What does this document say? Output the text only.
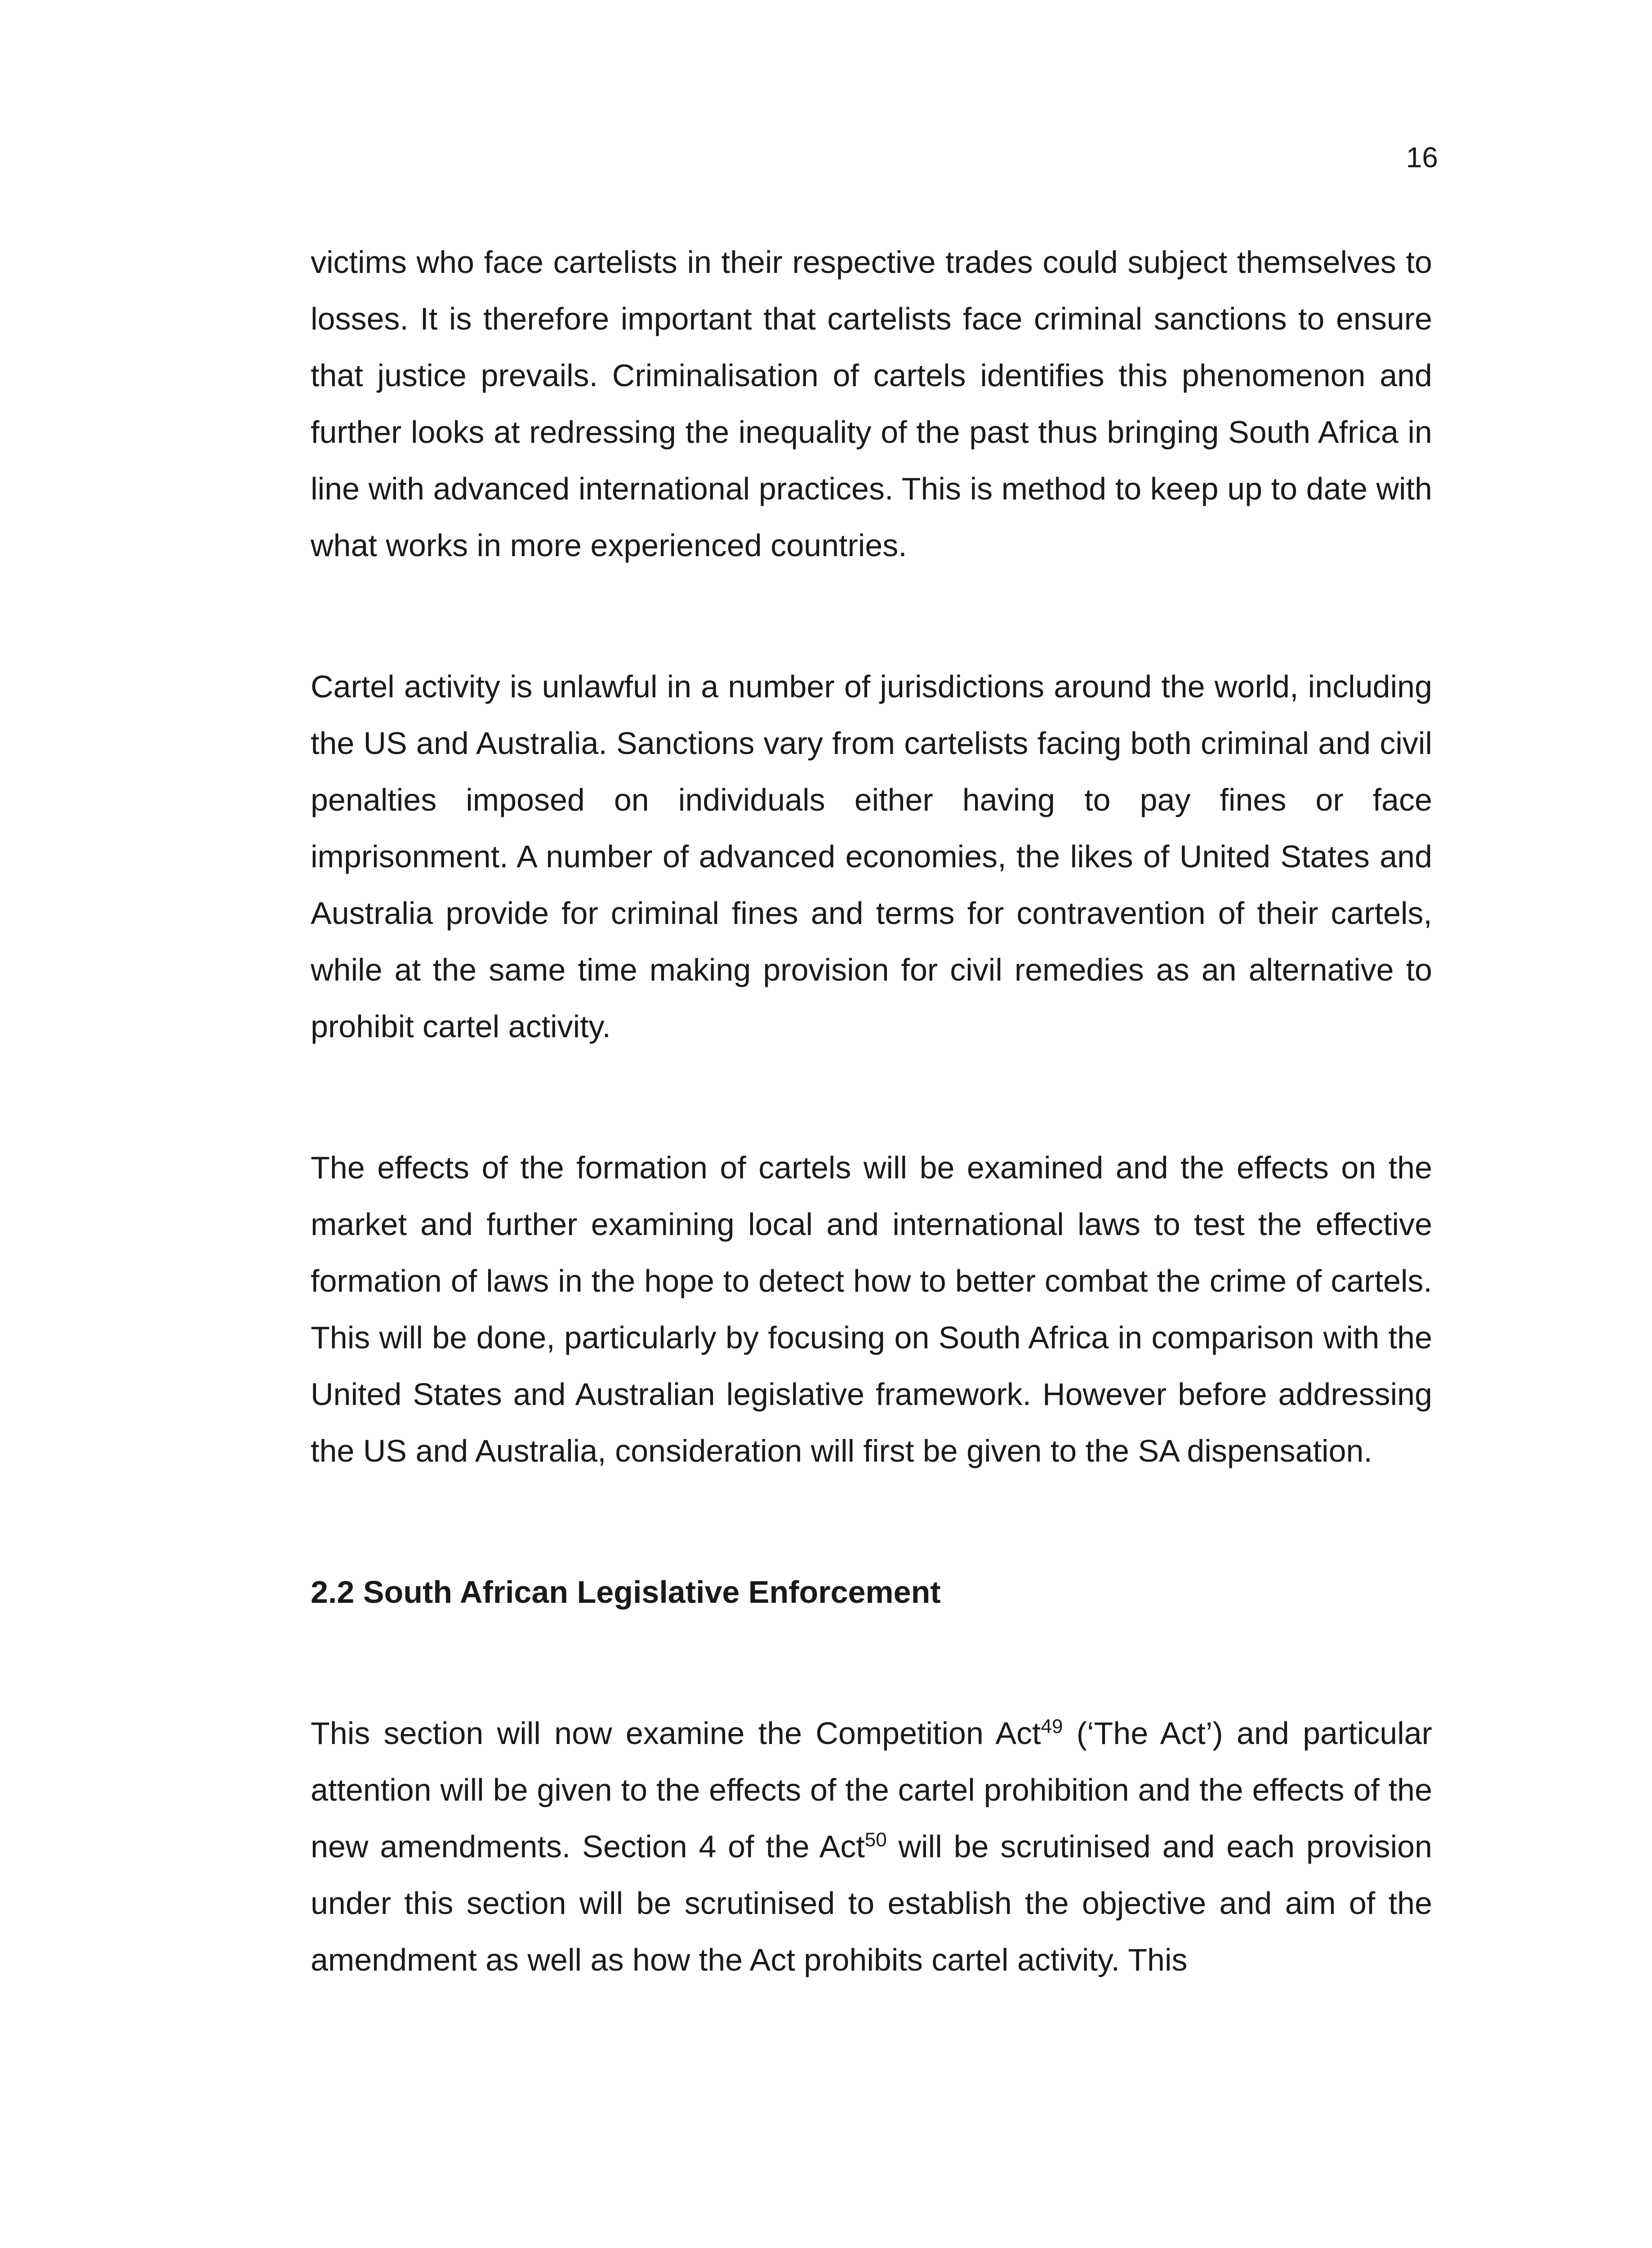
16

victims who face cartelists in their respective trades could subject themselves to losses. It is therefore important that cartelists face criminal sanctions to ensure that justice prevails. Criminalisation of cartels identifies this phenomenon and further looks at redressing the inequality of the past thus bringing South Africa in line with advanced international practices. This is method to keep up to date with what works in more experienced countries.

Cartel activity is unlawful in a number of jurisdictions around the world, including the US and Australia. Sanctions vary from cartelists facing both criminal and civil penalties imposed on individuals either having to pay fines or face imprisonment. A number of advanced economies, the likes of United States and Australia provide for criminal fines and terms for contravention of their cartels, while at the same time making provision for civil remedies as an alternative to prohibit cartel activity.

The effects of the formation of cartels will be examined and the effects on the market and further examining local and international laws to test the effective formation of laws in the hope to detect how to better combat the crime of cartels. This will be done, particularly by focusing on South Africa in comparison with the United States and Australian legislative framework. However before addressing the US and Australia, consideration will first be given to the SA dispensation.

2.2 South African Legislative Enforcement

This section will now examine the Competition Act$^{49}$ (‘The Act’) and particular attention will be given to the effects of the cartel prohibition and the effects of the new amendments. Section 4 of the Act$^{50}$ will be scrutinised and each provision under this section will be scrutinised to establish the objective and aim of the amendment as well as how the Act prohibits cartel activity. This
